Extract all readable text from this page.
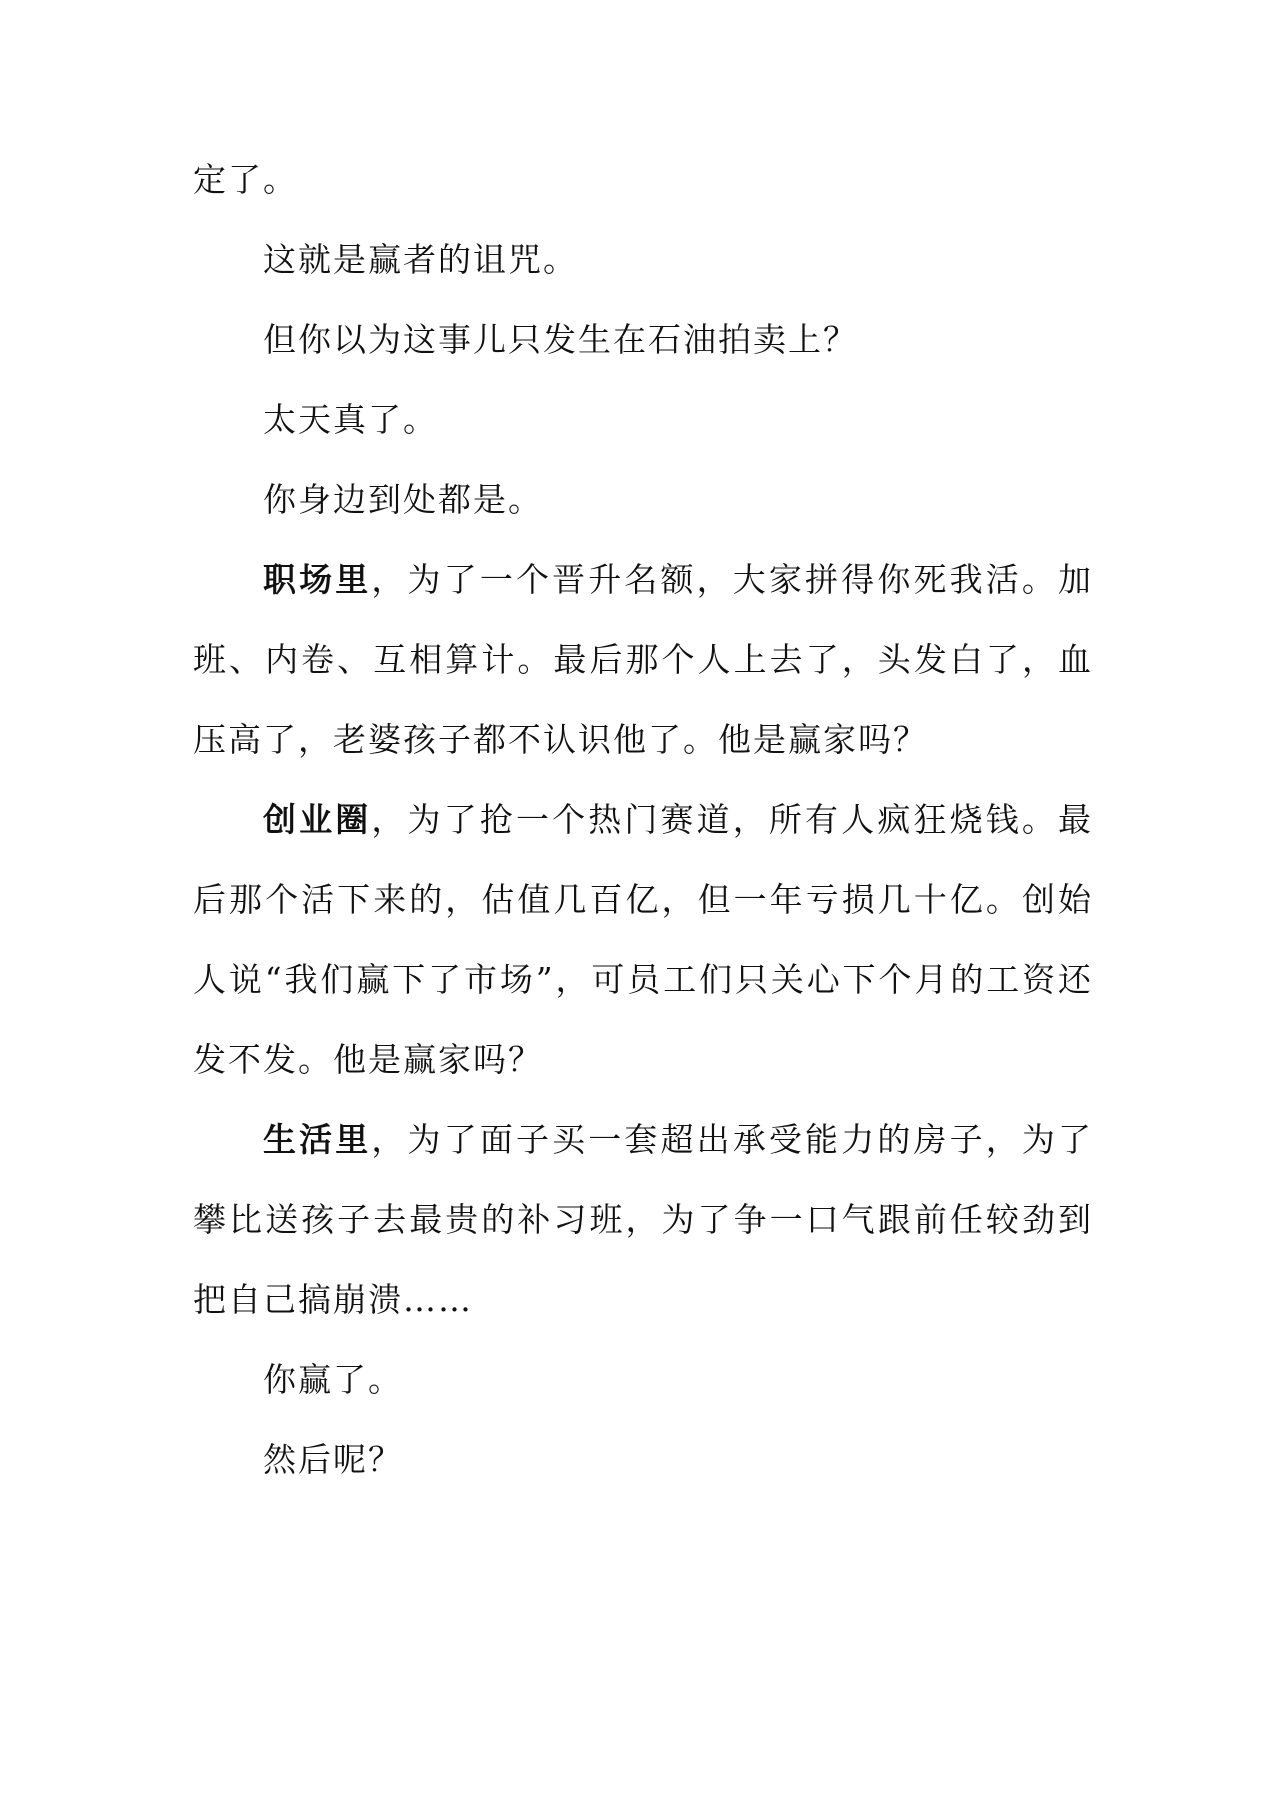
定了。

这就是赢者的诅咒。

但你以为这事儿只发生在石油拍卖上？

太天真了。

你身边到处都是。

职场里，为了一个晋升名额，大家拼得你死我活。加班、内卷、互相算计。最后那个人上去了，头发白了，血压高了，老婆孩子都不认识他了。他是赢家吗？

创业圈，为了抢一个热门赛道，所有人疯狂烧钱。最后那个活下来的，估值几百亿，但一年亏损几十亿。创始人说“我们赢下了市场”，可员工们只关心下个月的工资还发不发。他是赢家吗？

生活里，为了面子买一套超出承受能力的房子，为了攀比送孩子去最贵的补习班，为了争一口气跟前任较劲到把自己搞崩溃……

你赢了。

然后呢？
